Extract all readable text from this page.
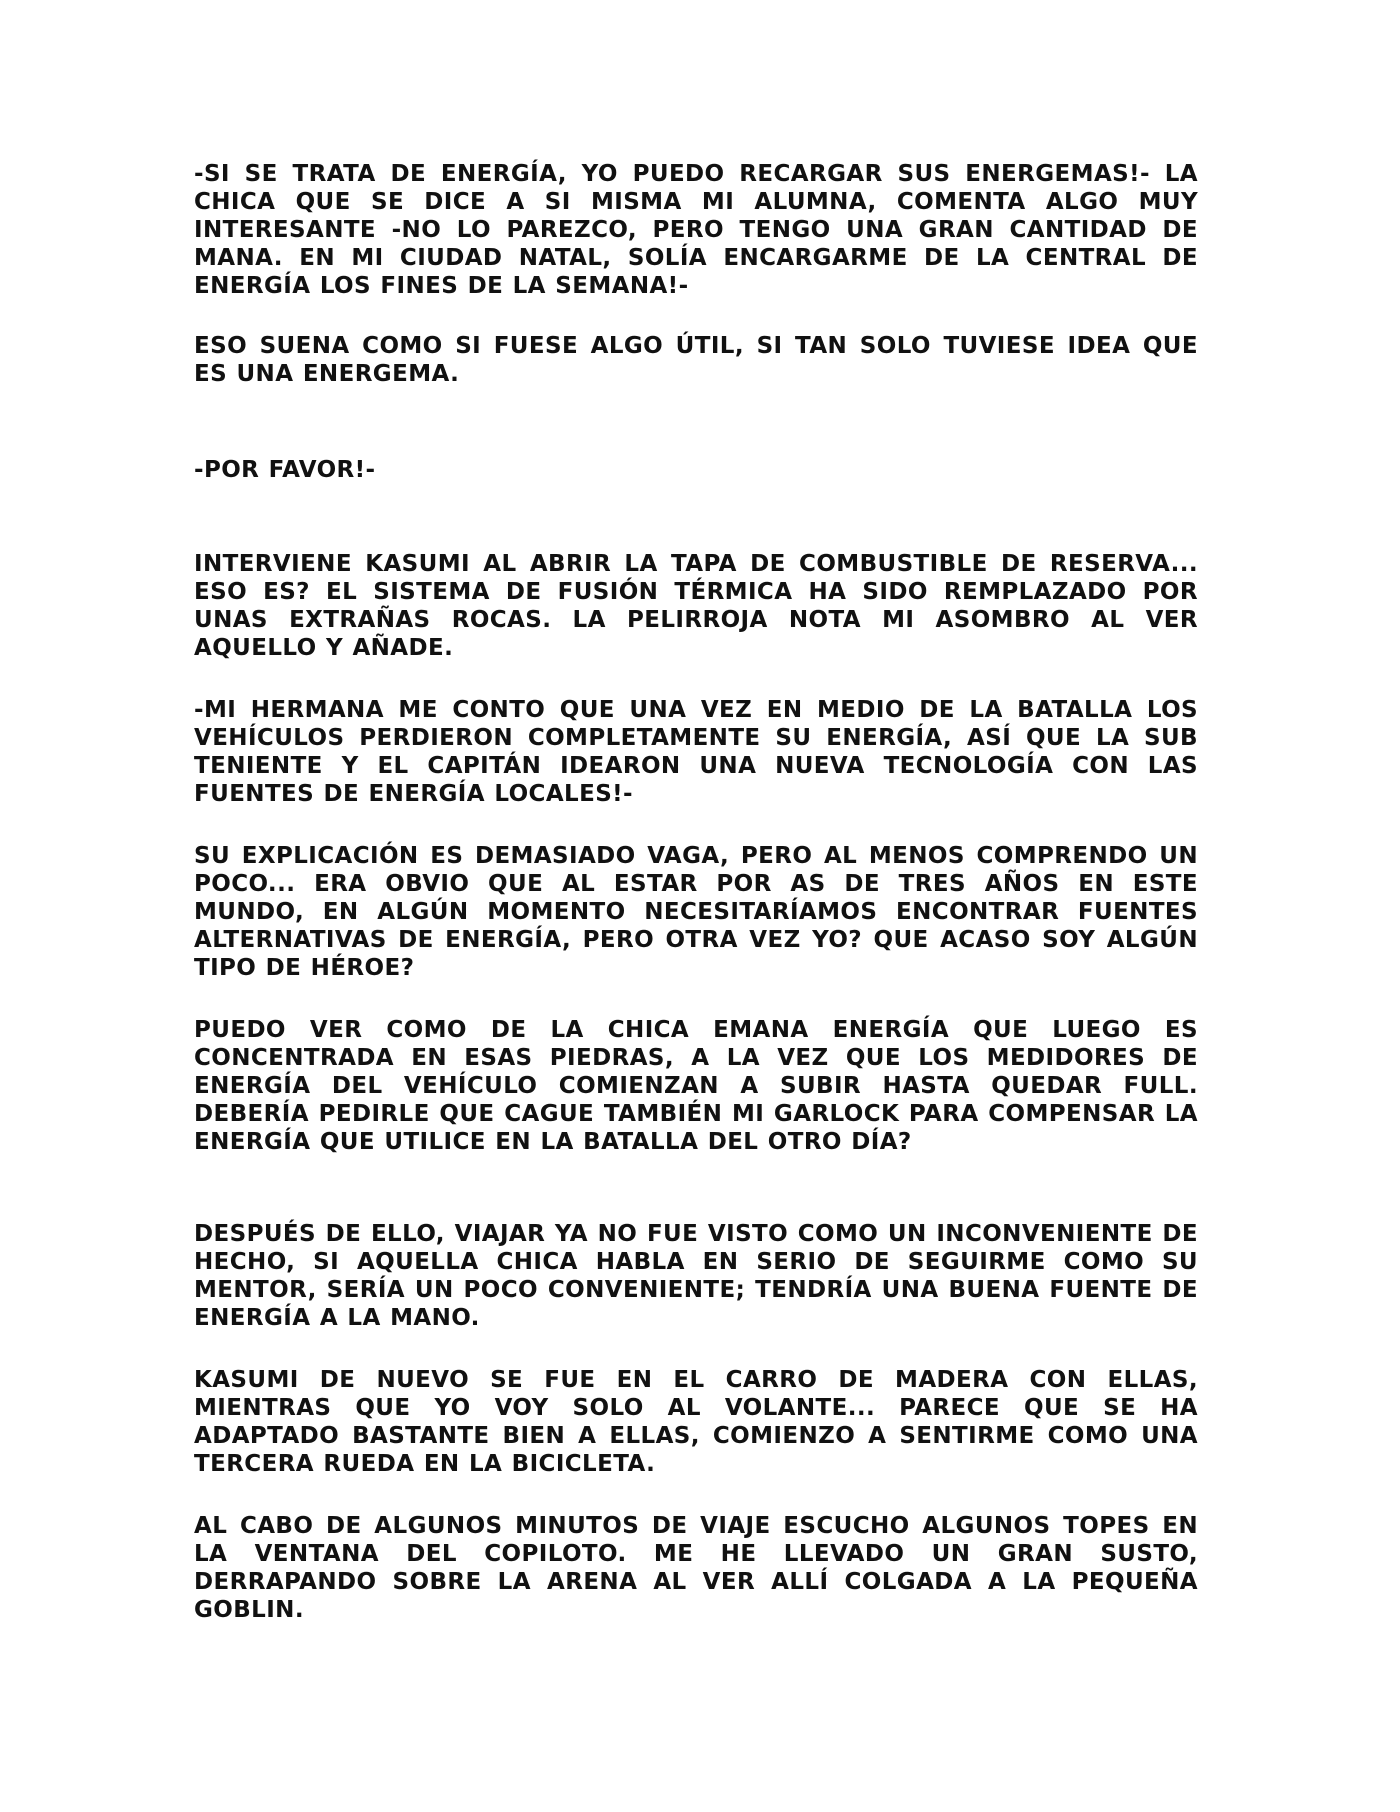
-SI SE TRATA DE ENERGÍA, YO PUEDO RECARGAR SUS ENERGEMAS!- LA CHICA QUE SE DICE A SI MISMA MI ALUMNA, COMENTA ALGO MUY INTERESANTE -NO LO PAREZCO, PERO TENGO UNA GRAN CANTIDAD DE MANA. EN MI CIUDAD NATAL, SOLÍA ENCARGARME DE LA CENTRAL DE ENERGÍA LOS FINES DE LA SEMANA!-

ESO SUENA COMO SI FUESE ALGO ÚTIL, SI TAN SOLO TUVIESE IDEA QUE ES UNA ENERGEMA.

-POR FAVOR!-

INTERVIENE KASUMI AL ABRIR LA TAPA DE COMBUSTIBLE DE RESERVA... ESO ES? EL SISTEMA DE FUSIÓN TÉRMICA HA SIDO REMPLAZADO POR UNAS EXTRAÑAS ROCAS. LA PELIRROJA NOTA MI ASOMBRO AL VER AQUELLO Y AÑADE.

-MI HERMANA ME CONTO QUE UNA VEZ EN MEDIO DE LA BATALLA LOS VEHÍCULOS PERDIERON COMPLETAMENTE SU ENERGÍA, ASÍ QUE LA SUB TENIENTE Y EL CAPITÁN IDEARON UNA NUEVA TECNOLOGÍA CON LAS FUENTES DE ENERGÍA LOCALES!-

SU EXPLICACIÓN ES DEMASIADO VAGA, PERO AL MENOS COMPRENDO UN POCO... ERA OBVIO QUE AL ESTAR POR AS DE TRES AÑOS EN ESTE MUNDO, EN ALGÚN MOMENTO NECESITARÍAMOS ENCONTRAR FUENTES ALTERNATIVAS DE ENERGÍA, PERO OTRA VEZ YO? QUE ACASO SOY ALGÚN TIPO DE HÉROE?

PUEDO VER COMO DE LA CHICA EMANA ENERGÍA QUE LUEGO ES CONCENTRADA EN ESAS PIEDRAS, A LA VEZ QUE LOS MEDIDORES DE ENERGÍA DEL VEHÍCULO COMIENZAN A SUBIR HASTA QUEDAR FULL. DEBERÍA PEDIRLE QUE CAGUE TAMBIÉN MI GARLOCK PARA COMPENSAR LA ENERGÍA QUE UTILICE EN LA BATALLA DEL OTRO DÍA?

DESPUÉS DE ELLO, VIAJAR YA NO FUE VISTO COMO UN INCONVENIENTE DE HECHO, SI AQUELLA CHICA HABLA EN SERIO DE SEGUIRME COMO SU MENTOR, SERÍA UN POCO CONVENIENTE; TENDRÍA UNA BUENA FUENTE DE ENERGÍA A LA MANO.

KASUMI DE NUEVO SE FUE EN EL CARRO DE MADERA CON ELLAS, MIENTRAS QUE YO VOY SOLO AL VOLANTE... PARECE QUE SE HA ADAPTADO BASTANTE BIEN A ELLAS, COMIENZO A SENTIRME COMO UNA TERCERA RUEDA EN LA BICICLETA.

AL CABO DE ALGUNOS MINUTOS DE VIAJE ESCUCHO ALGUNOS TOPES EN LA VENTANA DEL COPILOTO. ME HE LLEVADO UN GRAN SUSTO, DERRAPANDO SOBRE LA ARENA AL VER ALLÍ COLGADA A LA PEQUEÑA GOBLIN.
